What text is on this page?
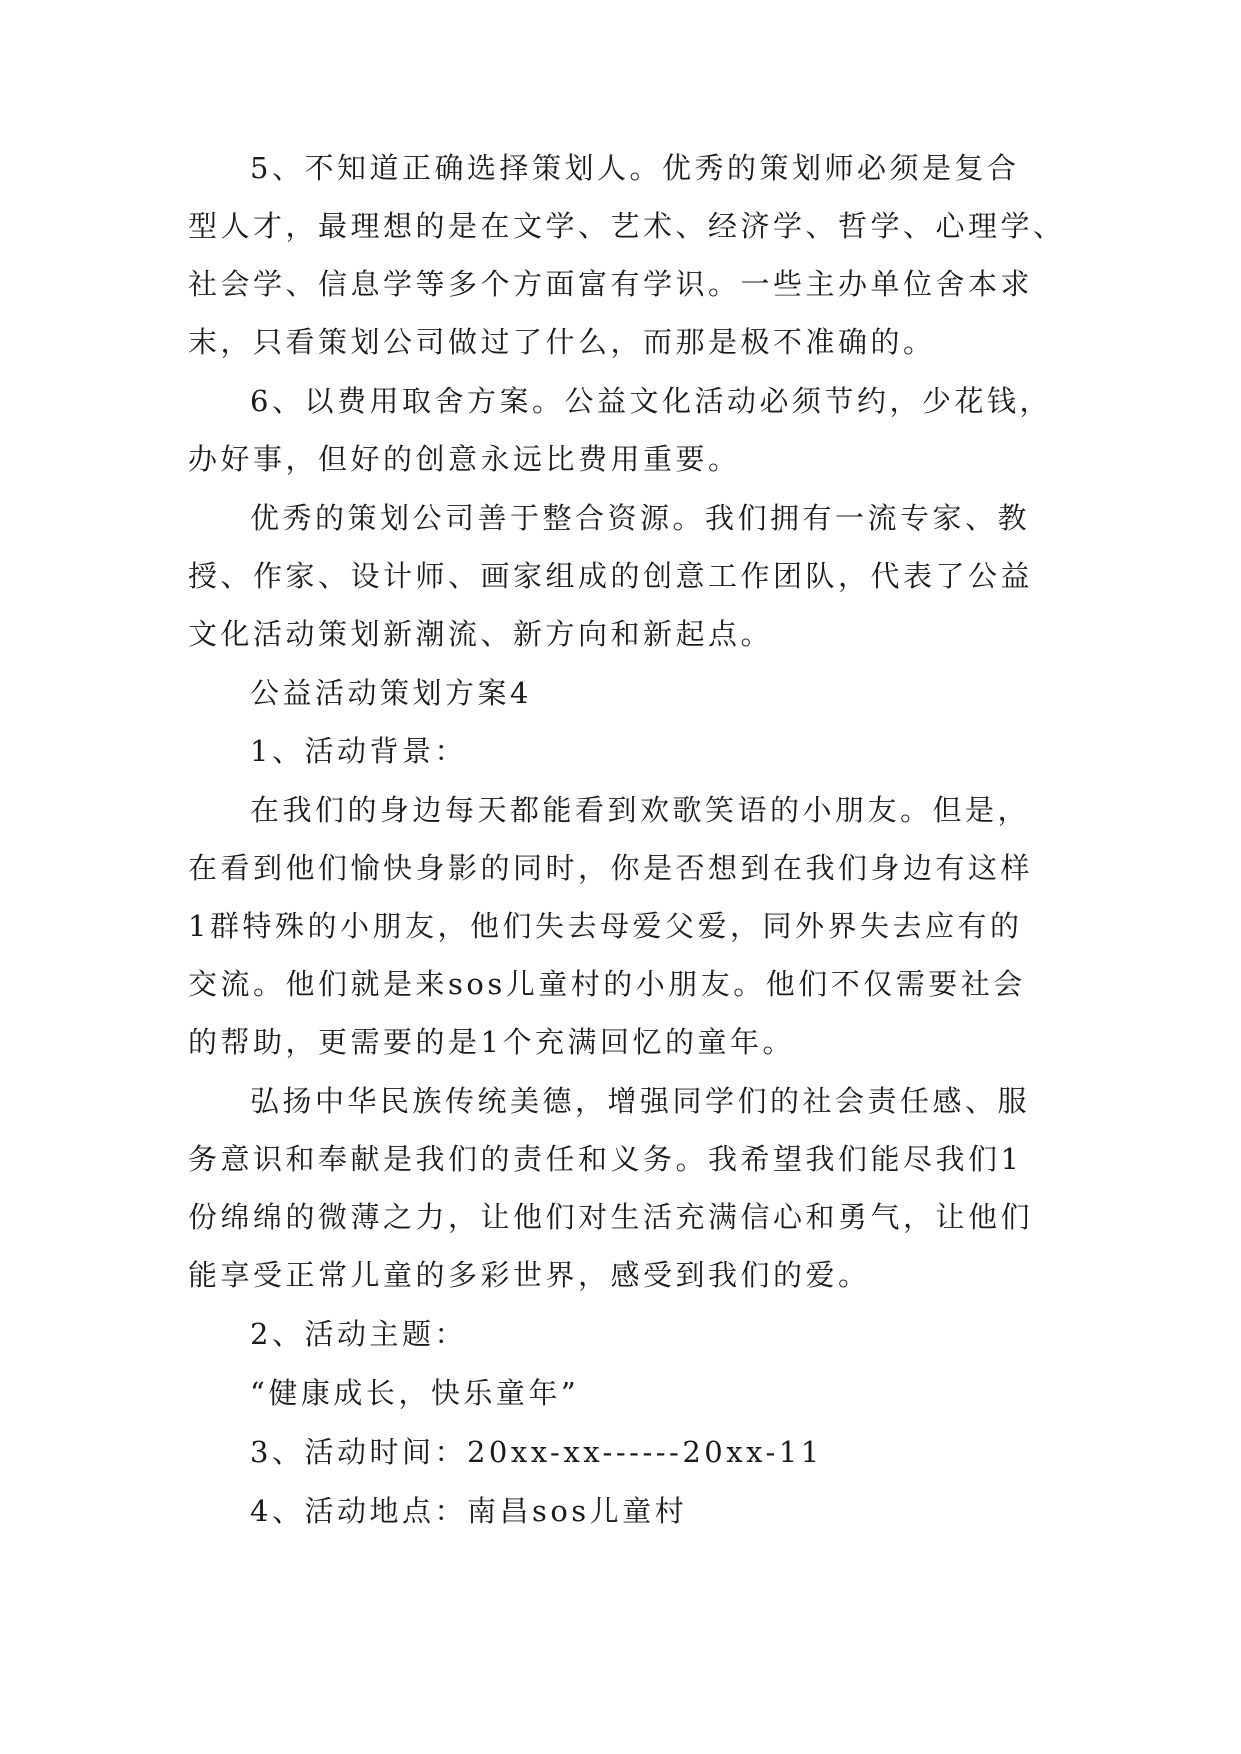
5、不知道正确选择策划人。优秀的策划师必须是复合
型人才，最理想的是在文学、艺术、经济学、哲学、心理学、
社会学、信息学等多个方面富有学识。一些主办单位舍本求
末，只看策划公司做过了什么，而那是极不准确的。
6、以费用取舍方案。公益文化活动必须节约，少花钱，
办好事，但好的创意永远比费用重要。
优秀的策划公司善于整合资源。我们拥有一流专家、教
授、作家、设计师、画家组成的创意工作团队，代表了公益
文化活动策划新潮流、新方向和新起点。
公益活动策划方案4
1、活动背景：
在我们的身边每天都能看到欢歌笑语的小朋友。但是，
在看到他们愉快身影的同时，你是否想到在我们身边有这样
1群特殊的小朋友，他们失去母爱父爱，同外界失去应有的
交流。他们就是来sos儿童村的小朋友。他们不仅需要社会
的帮助，更需要的是1个充满回忆的童年。
弘扬中华民族传统美德，增强同学们的社会责任感、服
务意识和奉献是我们的责任和义务。我希望我们能尽我们1
份绵绵的微薄之力，让他们对生活充满信心和勇气，让他们
能享受正常儿童的多彩世界，感受到我们的爱。
2、活动主题：
“健康成长，快乐童年”
3、活动时间：20xx-xx------20xx-11
4、活动地点：南昌sos儿童村
